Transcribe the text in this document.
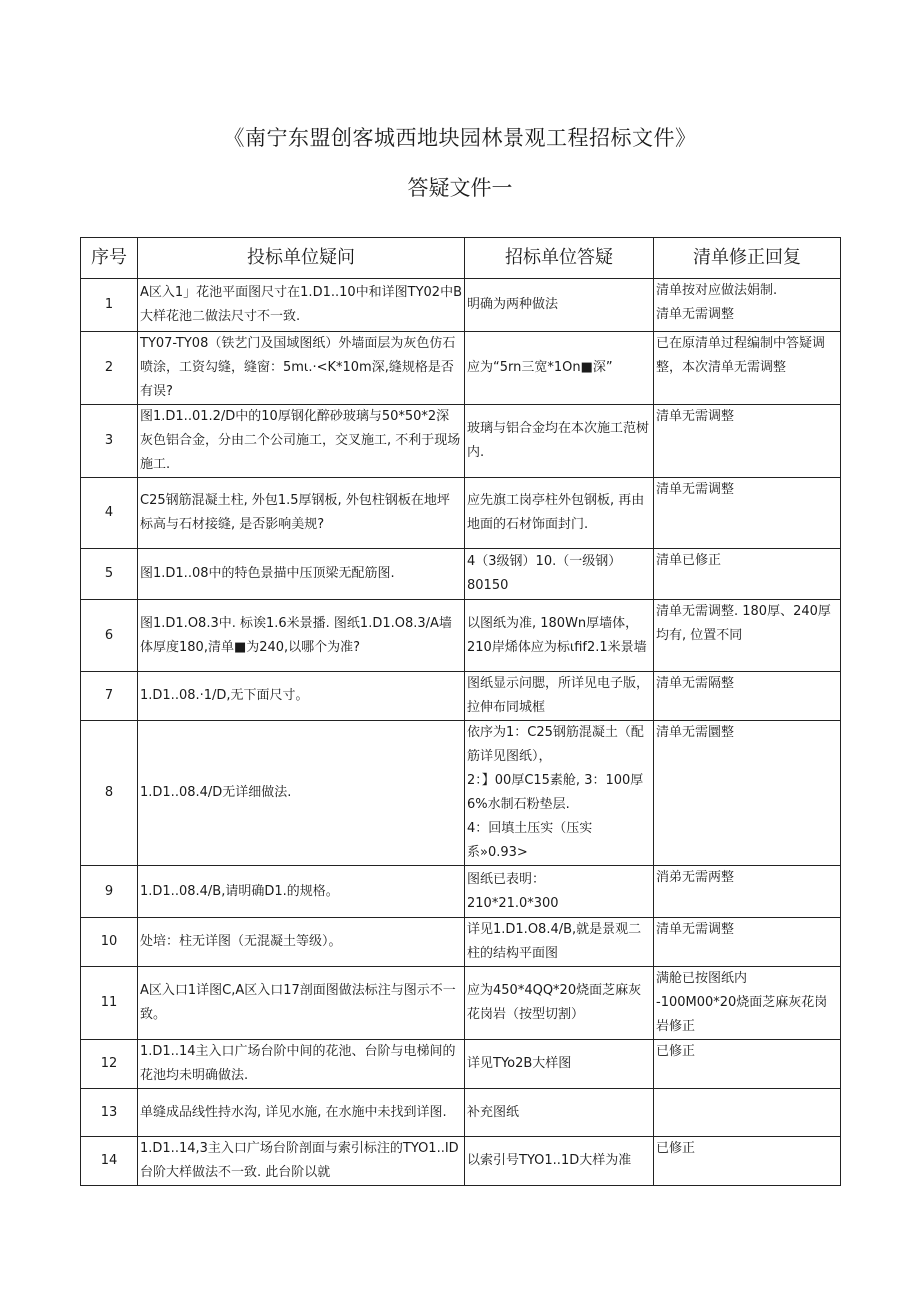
《南宁东盟创客城西地块园林景观工程招标文件》
答疑文件一
序号	投标单位疑问	招标单位答疑	清单修正回复
1	A区入1」花池平面图尺寸在1.D1..10中和详图TY02中B大样花池二做法尺寸不一致.	明确为两种做法	清单按对应做法娟制.
清单无需调整
2	TY07-TY08（铁艺门及国域图纸）外墙面层为灰色仿石喷涂，工资勾缝，缝窗：5mι.·<K*10m深,缝规格是否有误?	应为“5rn三宽*1On■深”	已在原清单过程编制中答疑调整，本次清单无需调整
3	图1.D1..01.2/D中的10厚钢化醉砂玻璃与50*50*2深灰色铝合金，分由二个公司施工，交叉施工, 不利于现场施工.	玻璃与铝合金均在本次施工范树内.	清单无需调整
4	C25钢筋混凝土柱, 外包1.5厚钢板, 外包柱钢板在地坪标高与石材接缝, 是否影响美规?	应先旗工岗亭柱外包钢板, 再由地面的石材饰面封门.	清单无需调整
5	图1.D1..08中的特色景描中压顶梁无配筋图.	4（3级钢）10.（一级钢）80150	清单已修正
6	图1.D1.O8.3中. 标诶1.6米景播. 图纸1.D1.O8.3/A墙体厚度180,清单■为240,以哪个为准?	以图纸为准, 180Wn厚墙体，210岸烯体应为标ιfif2.1米景墙	清单无需调整. 180厚、240厚均有, 位置不同
7	1.D1..08.·1/D,无下面尺寸。	图纸显示问腮，所详见电子版，拉伸布同城框	清单无需隔整
8	1.D1..08.4/D无详细做法.	依序为1：C25钢筋混凝土（配筋详见图纸），
2：】00厚C15素舱, 3：100厚6%水制石粉垫层.
4：回填土压实（压实系»0.93>	清单无需圜整
9	1.D1..08.4/B,请明确D1.的规格。	图纸已表明：
210*21.0*300	消弟无需两整
10	处培：柱无详图（无混凝土等级）。	详见1.D1.O8.4/B,就是景观二柱的结构平面图	清单无需调整
11	A区入口1详图C,A区入口17剖面图做法标注与图示不一致。	应为450*4QQ*20烧面芝麻灰花岗岩（按型切割）	满舱已按图纸内
-100M00*20烧面芝麻灰花岗岩修正
12	1.D1..14主入口广场台阶中间的花池、台阶与电梯间的花池均未明确做法.	详见TYo2B大样图	已修正
13	单缝成品线性持水沟, 详见水施, 在水施中未找到详图.	补充图纸	
14	1.D1..14,3主入口广场台阶剖面与索引标注的TYO1..ID台阶大样做法不一致. 此台阶以就	以索引号TYO1..1D大样为准	已修正
